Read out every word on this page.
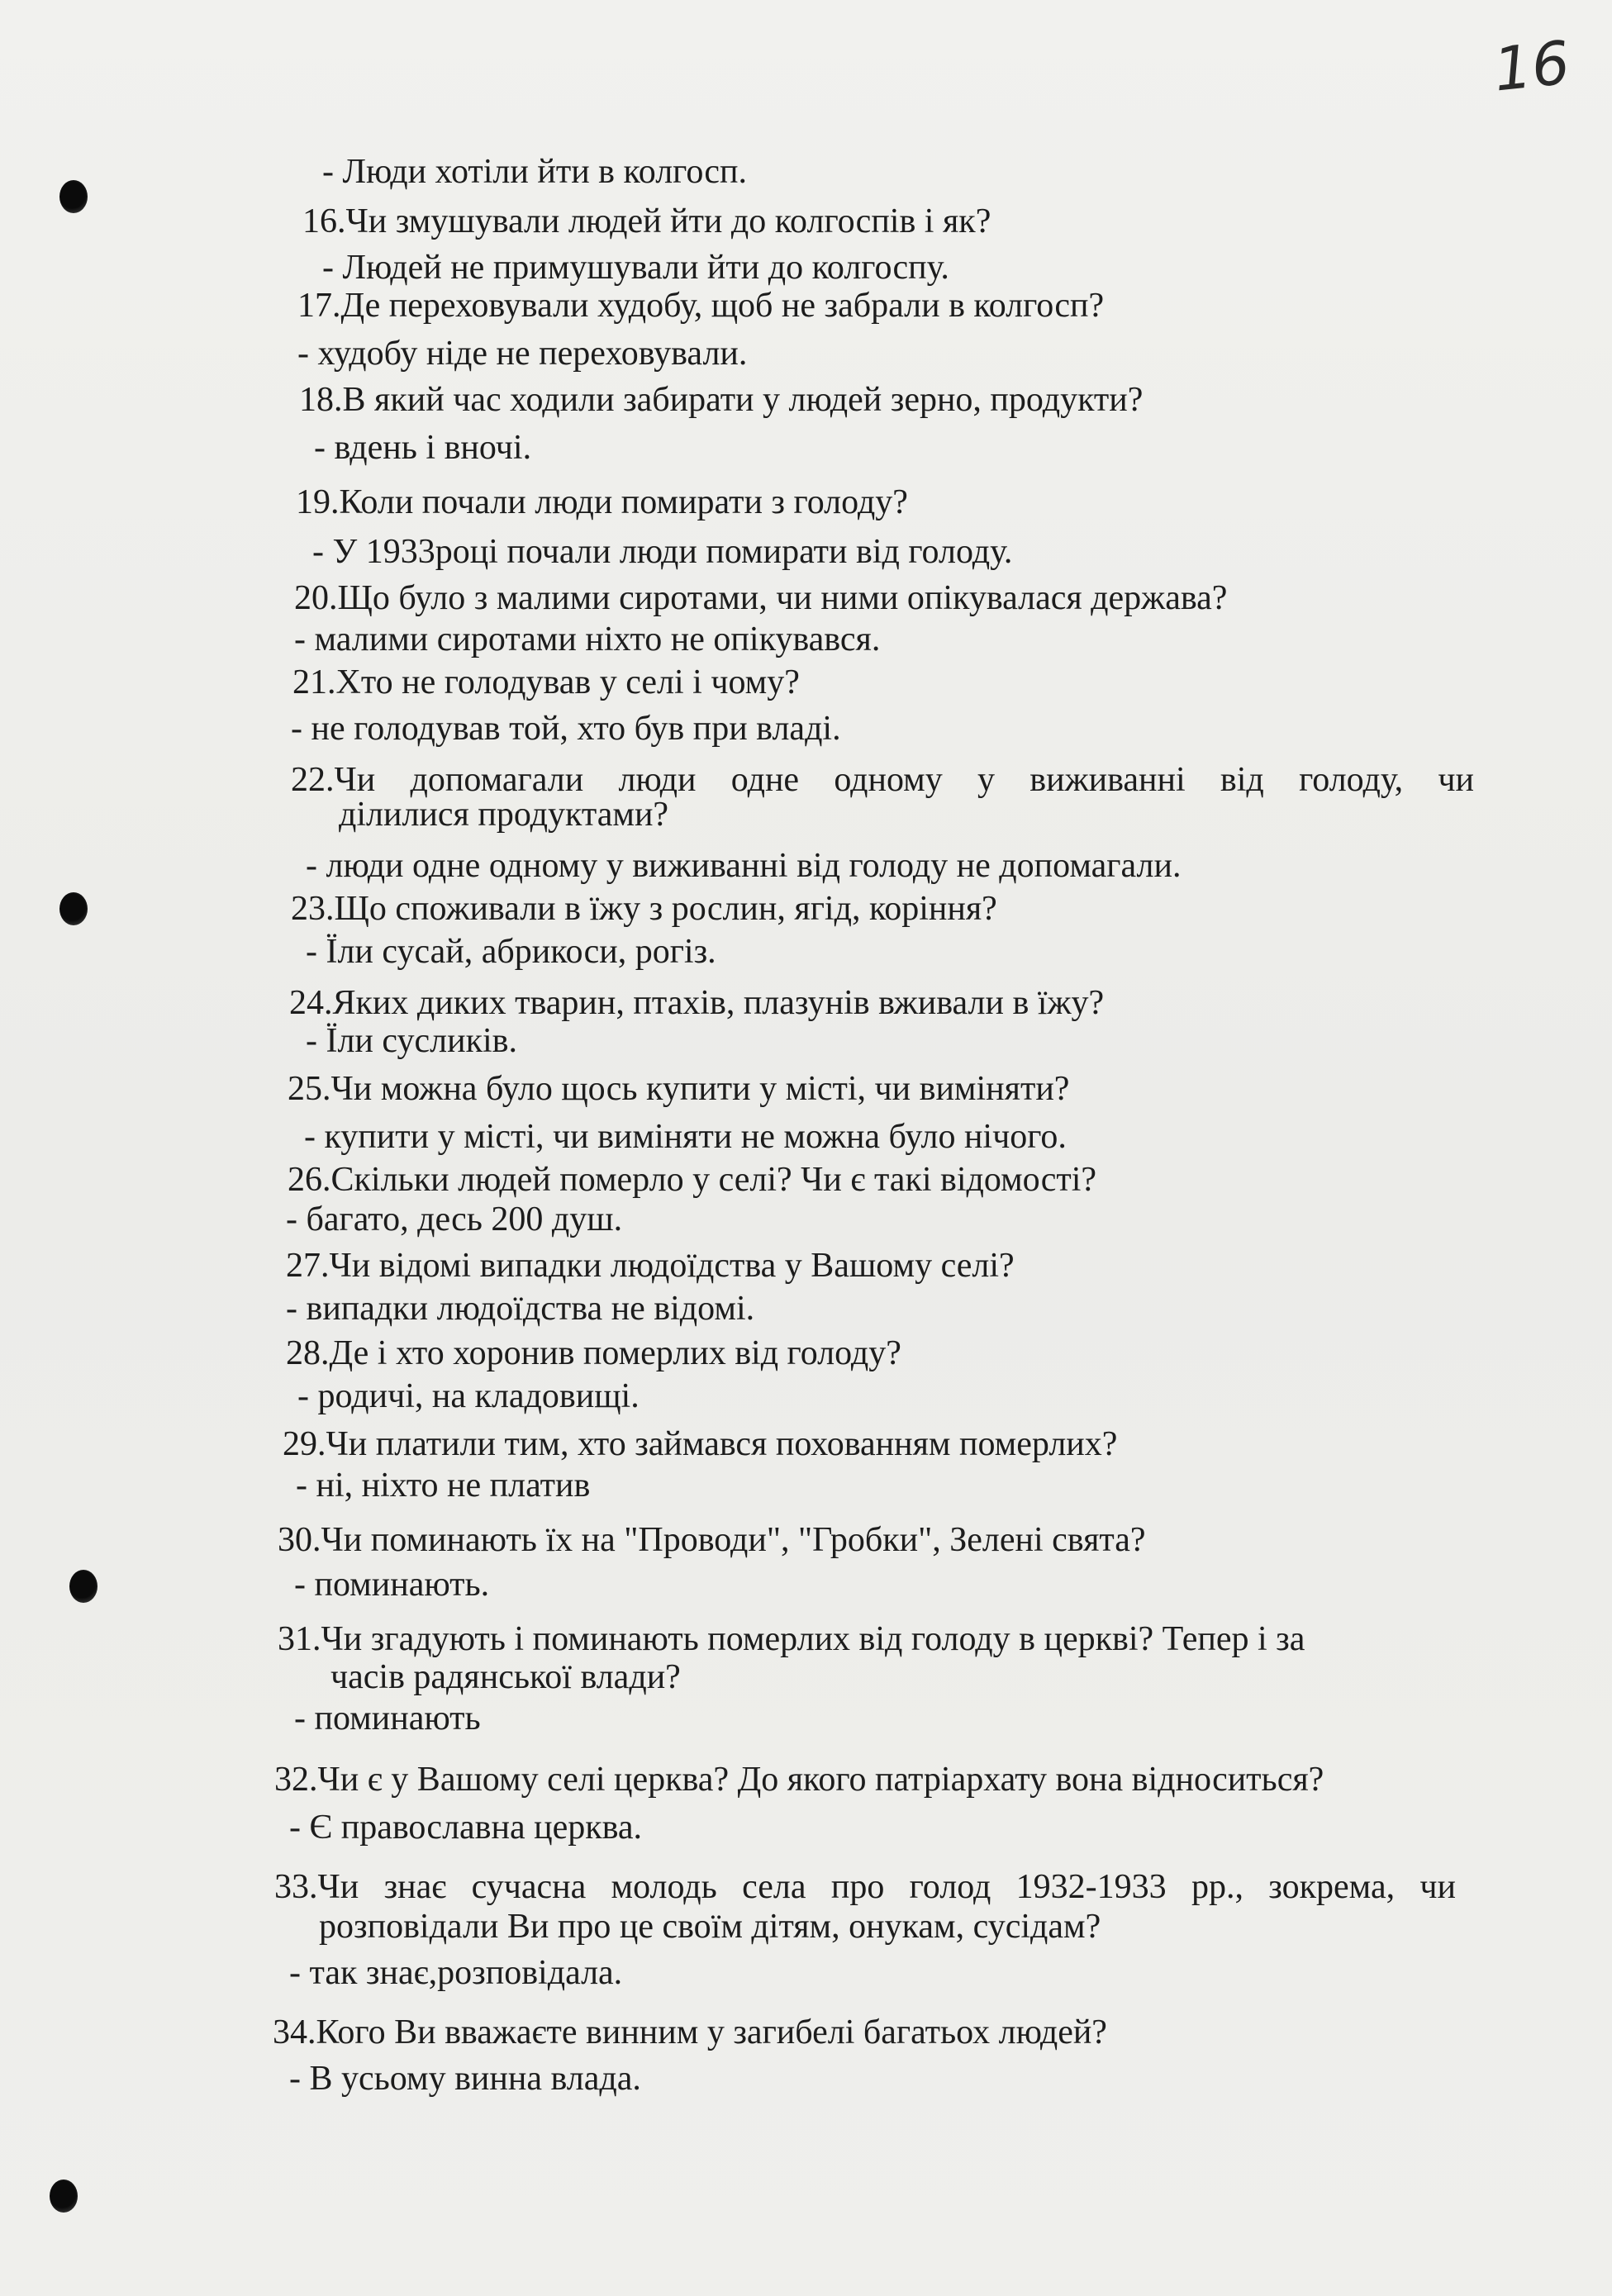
16
- Люди хотіли йти в колгосп.
16.Чи змушували людей йти до колгоспів і як?
- Людей не примушували йти до колгоспу.
17.Де переховували худобу, щоб не забрали в колгосп?
- худобу ніде не переховували.
18.В який час ходили забирати у людей зерно, продукти?
- вдень і вночі.
19.Коли почали люди помирати з голоду?
- У 1933році почали люди помирати від голоду.
20.Що було з малими сиротами, чи ними опікувалася держава?
- малими сиротами ніхто не опікувався.
21.Хто не голодував у селі і чому?
- не голодував той, хто був при владі.
22.Чи допомагали люди одне одному у виживанні від голоду, чи
ділилися продуктами?
- люди одне одному у виживанні від голоду не допомагали.
23.Що споживали в їжу з рослин, ягід, коріння?
- Їли сусай, абрикоси, рогіз.
24.Яких диких тварин, птахів, плазунів вживали в їжу?
- Їли сусликів.
25.Чи можна було щось купити у місті, чи виміняти?
- купити у місті, чи виміняти не можна було нічого.
26.Скільки людей померло у селі? Чи є такі відомості?
- багато, десь 200 душ.
27.Чи відомі випадки людоїдства у Вашому селі?
- випадки людоїдства не відомі.
28.Де і хто хоронив померлих від голоду?
- родичі, на кладовищі.
29.Чи платили тим, хто займався похованням померлих?
- ні, ніхто не платив
30.Чи поминають їх на "Проводи", "Гробки", Зелені свята?
- поминають.
31.Чи згадують і поминають померлих від голоду в церкві? Тепер і за
часів радянської влади?
- поминають
32.Чи є у Вашому селі церква? До якого патріархату вона відноситься?
- Є православна церква.
33.Чи знає сучасна молодь села про голод 1932-1933 рр., зокрема, чи
розповідали Ви про це своїм дітям, онукам, сусідам?
- так знає,розповідала.
34.Кого Ви вважаєте винним у загибелі багатьох людей?
- В усьому винна влада.
